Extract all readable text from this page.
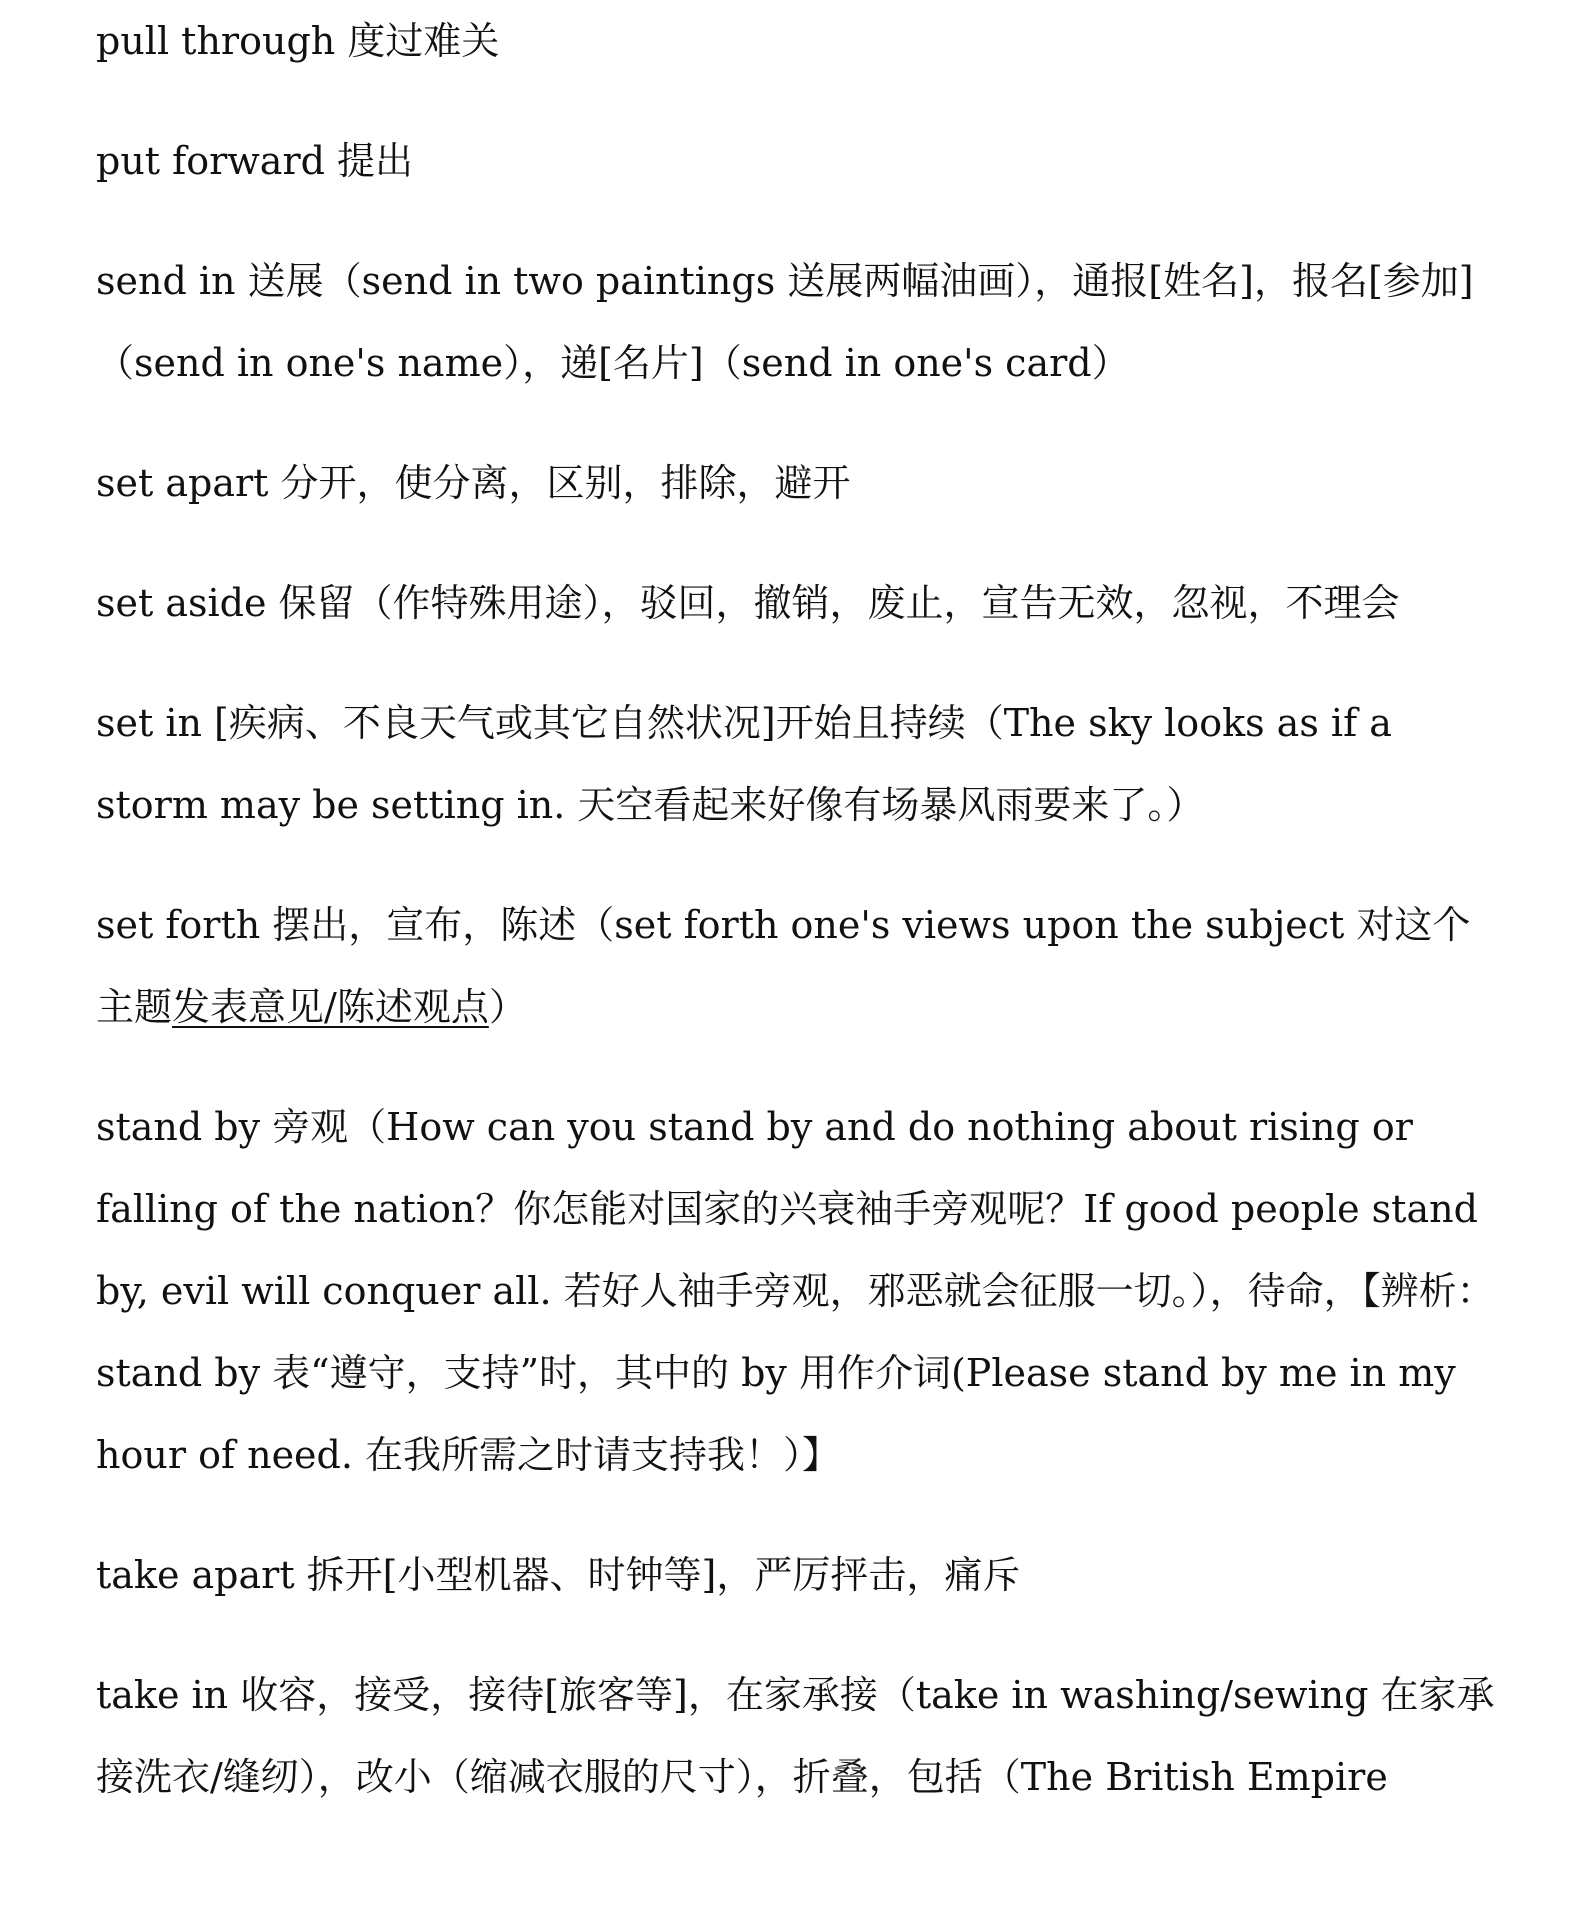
pull through 度过难关

put forward 提出

send in 送展（send in two paintings 送展两幅油画），通报[姓名]，报名[参加]（send in one's name），递[名片]（send in one's card）

set apart 分开，使分离，区别，排除，避开

set aside 保留（作特殊用途），驳回，撤销，废止，宣告无效，忽视，不理会

set in [疾病、不良天气或其它自然状况]开始且持续（The sky looks as if a storm may be setting in. 天空看起来好像有场暴风雨要来了。）

set forth 摆出，宣布，陈述（set forth one's views upon the subject 对这个主题发表意见/陈述观点）

stand by 旁观（How can you stand by and do nothing about rising or falling of the nation？你怎能对国家的兴衰袖手旁观呢？If good people stand by, evil will conquer all. 若好人袖手旁观，邪恶就会征服一切。），待命，【辨析：stand by 表“遵守，支持”时，其中的 by 用作介词(Please stand by me in my hour of need. 在我所需之时请支持我！）】

take apart 拆开[小型机器、时钟等]，严厉抨击，痛斥

take in 收容，接受，接待[旅客等]，在家承接（take in washing/sewing 在家承接洗衣/缝纫），改小（缩减衣服的尺寸），折叠，包括（The British Empire
